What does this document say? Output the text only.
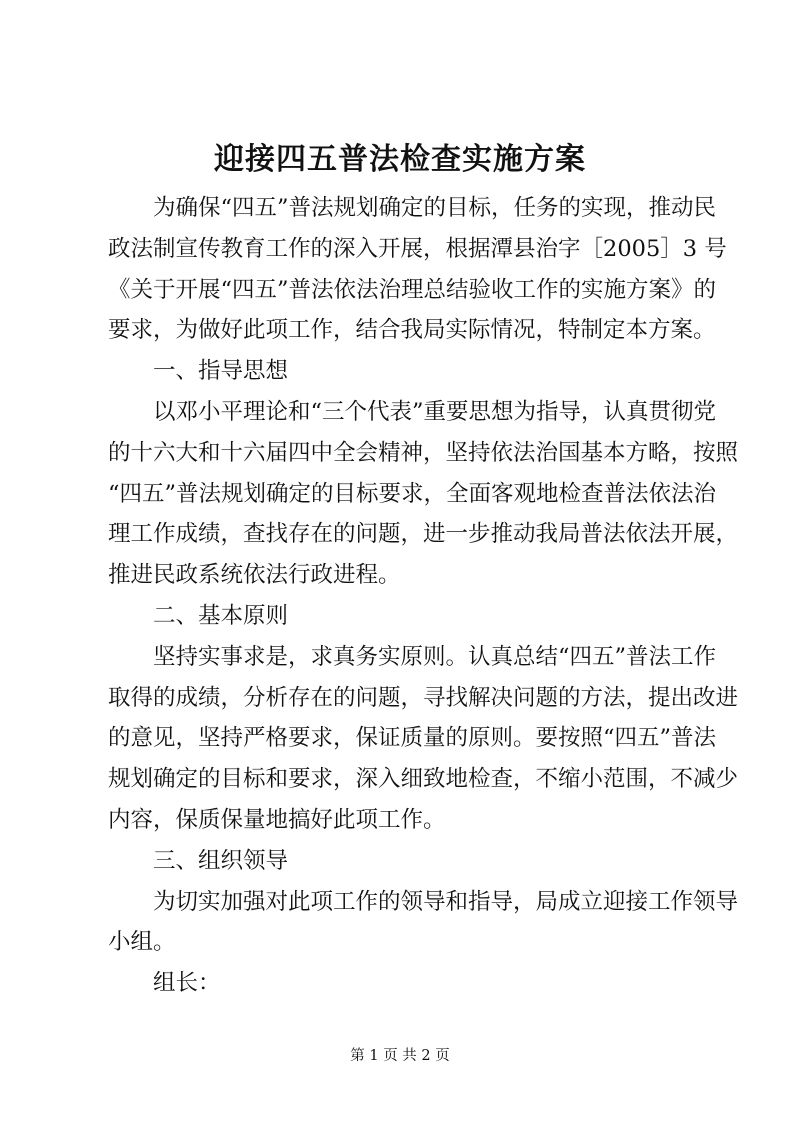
迎接四五普法检查实施方案

为确保“四五”普法规划确定的目标，任务的实现，推动民
政法制宣传教育工作的深入开展，根据潭县治字［2005］3 号
《关于开展“四五”普法依法治理总结验收工作的实施方案》的
要求，为做好此项工作，结合我局实际情况，特制定本方案。

一、指导思想

以邓小平理论和“三个代表”重要思想为指导，认真贯彻党
的十六大和十六届四中全会精神，坚持依法治国基本方略，按照
“四五”普法规划确定的目标要求，全面客观地检查普法依法治
理工作成绩，查找存在的问题，进一步推动我局普法依法开展，
推进民政系统依法行政进程。

二、基本原则

坚持实事求是，求真务实原则。认真总结“四五”普法工作
取得的成绩，分析存在的问题，寻找解决问题的方法，提出改进
的意见，坚持严格要求，保证质量的原则。要按照“四五”普法
规划确定的目标和要求，深入细致地检查，不缩小范围，不减少
内容，保质保量地搞好此项工作。

三、组织领导

为切实加强对此项工作的领导和指导，局成立迎接工作领导
小组。

组长：

第 1 页 共 2 页
